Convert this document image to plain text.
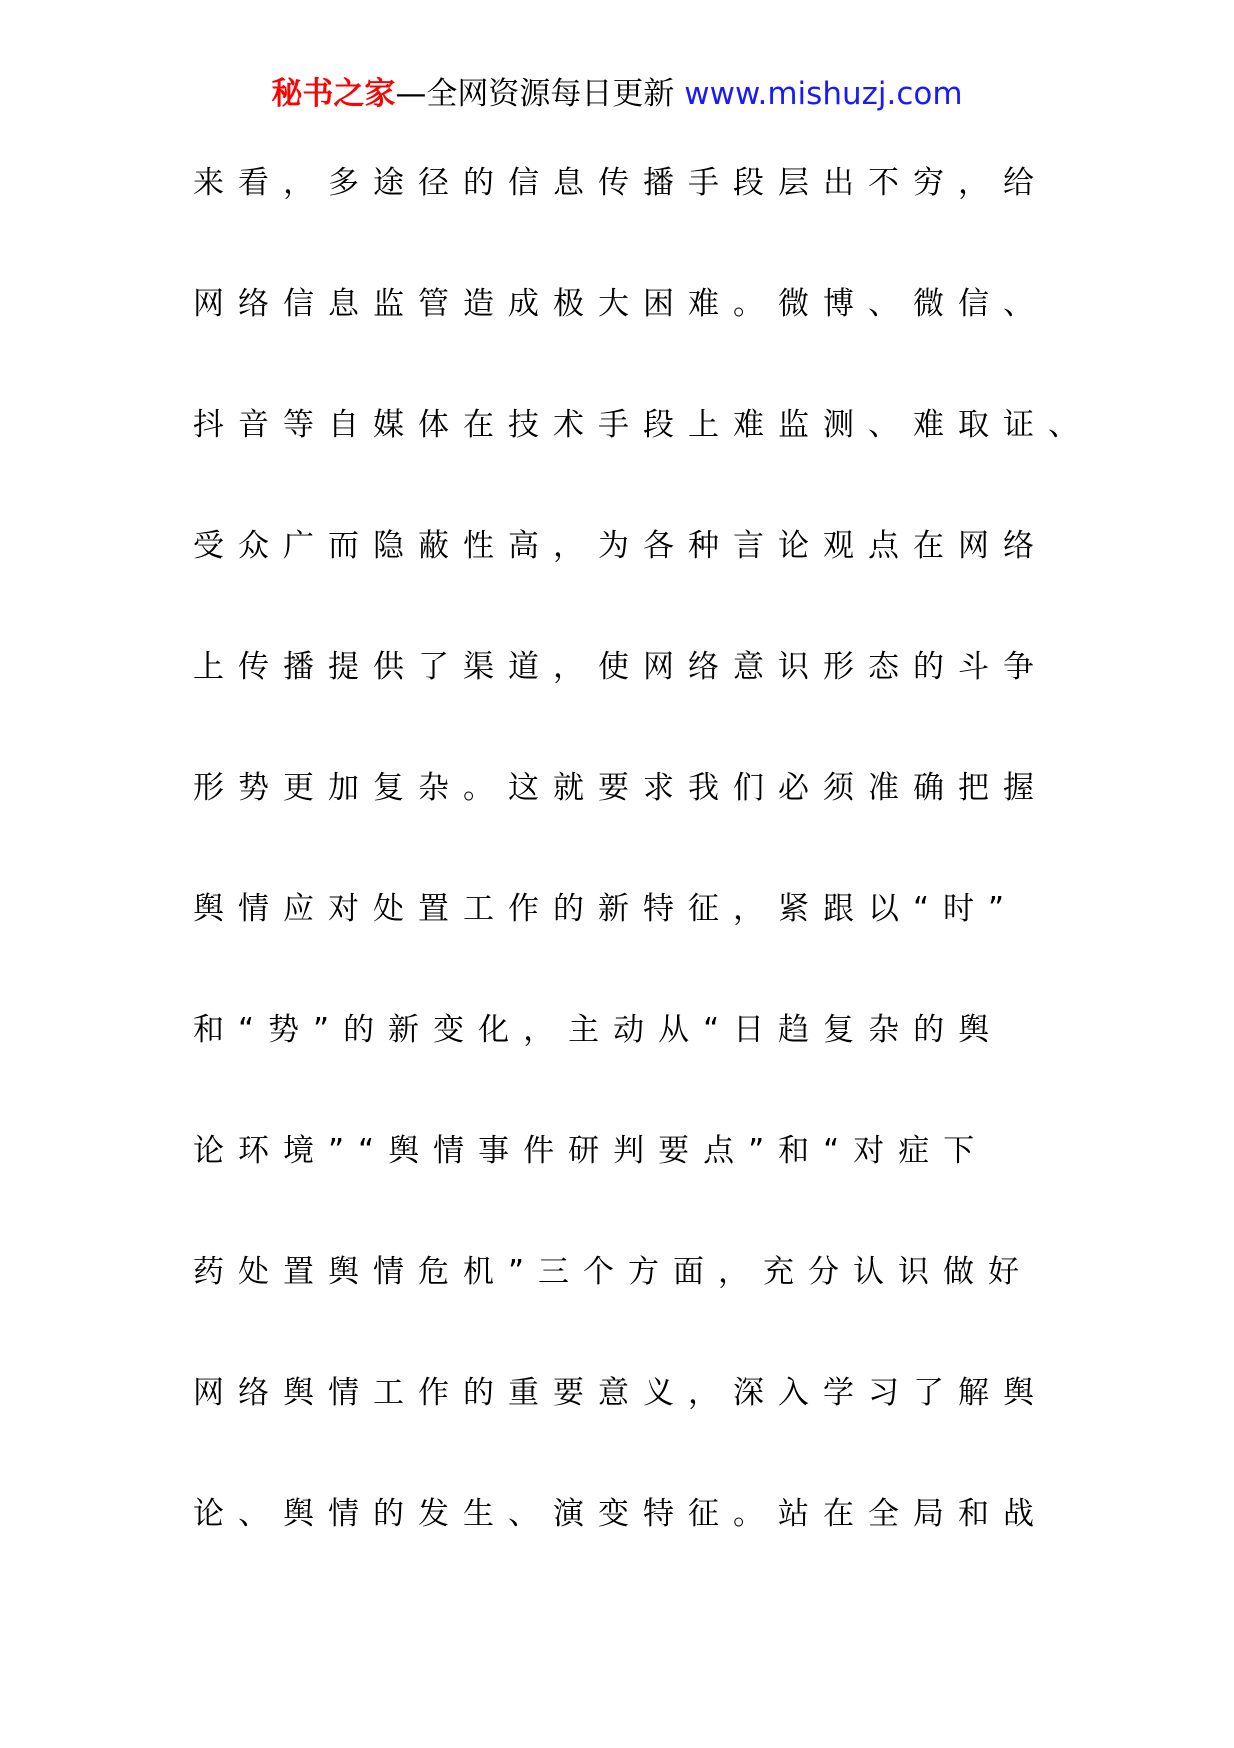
秘书之家—全网资源每日更新 www.mishuzj.com
来看，多途径的信息传播手段层出不穷，给
网络信息监管造成极大困难。微博、微信、
抖音等自媒体在技术手段上难监测、难取证、
受众广而隐蔽性高，为各种言论观点在网络
上传播提供了渠道，使网络意识形态的斗争
形势更加复杂。这就要求我们必须准确把握
舆情应对处置工作的新特征，紧跟以“时”
和“势”的新变化，主动从“日趋复杂的舆
论环境”“舆情事件研判要点”和“对症下
药处置舆情危机”三个方面，充分认识做好
网络舆情工作的重要意义，深入学习了解舆
论、舆情的发生、演变特征。站在全局和战
